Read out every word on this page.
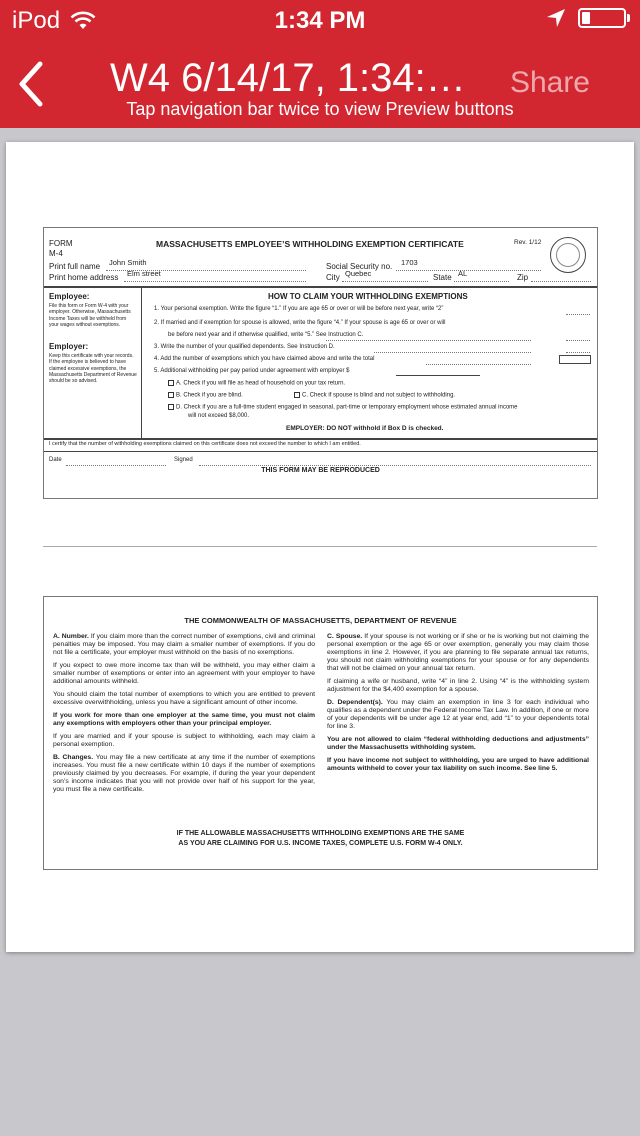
iPod	1:34 PM
W4 6/14/17, 1:34:…	Share
Tap navigation bar twice to view Preview buttons
FORM
M-4
MASSACHUSETTS EMPLOYEE’S WITHHOLDING EXEMPTION CERTIFICATE	Rev. 1/12
Print full name John Smith	Social Security no. 1703
Print home address Elm street	City Quebec	State AL	Zip
Employee:
File this form or Form W-4 with your employer. Otherwise, Massachusetts Income Taxes will be withheld from your wages without exemptions.
Employer:
Keep this certificate with your records. If the employee is believed to have claimed excessive exemptions, the Massachusetts Department of Revenue should be so advised.
HOW TO CLAIM YOUR WITHHOLDING EXEMPTIONS
1. Your personal exemption. Write the figure “1.” If you are age 65 or over or will be before next year, write “2”
2. If married and if exemption for spouse is allowed, write the figure “4.” If your spouse is age 65 or over or will
be before next year and if otherwise qualified, write “5.” See Instruction C.
3. Write the number of your qualified dependents. See Instruction D.
4. Add the number of exemptions which you have claimed above and write the total
5. Additional withholding per pay period under agreement with employer $
A. Check if you will file as head of household on your tax return.
B. Check if you are blind.	C. Check if spouse is blind and not subject to withholding.
D. Check if you are a full-time student engaged in seasonal, part-time or temporary employment whose estimated annual income
will not exceed $8,000.
EMPLOYER: DO NOT withhold if Box D is checked.
I certify that the number of withholding exemptions claimed on this certificate does not exceed the number to which I am entitled.
Date	Signed
THIS FORM MAY BE REPRODUCED
THE COMMONWEALTH OF MASSACHUSETTS, DEPARTMENT OF REVENUE

A. Number. If you claim more than the correct number of exemptions, civil and criminal penalties may be imposed. You may claim a smaller number of exemptions. If you do not file a certificate, your employer must withhold on the basis of no exemptions.

If you expect to owe more income tax than will be withheld, you may either claim a smaller number of exemptions or enter into an agreement with your employer to have additional amounts withheld.

You should claim the total number of exemptions to which you are entitled to prevent excessive overwithholding, unless you have a significant amount of other income.

If you work for more than one employer at the same time, you must not claim any exemptions with employers other than your principal employer.

If you are married and if your spouse is subject to withholding, each may claim a personal exemption.

B. Changes. You may file a new certificate at any time if the number of exemptions increases. You must file a new certificate within 10 days if the number of exemptions previously claimed by you decreases. For example, if during the year your dependent son’s income indicates that you will not provide over half of his support for the year, you must file a new certificate.

C. Spouse. If your spouse is not working or if she or he is working but not claiming the personal exemption or the age 65 or over exemption, generally you may claim those exemptions in line 2. However, if you are planning to file separate annual tax returns, you should not claim withholding exemptions for your spouse or for any dependents that will not be claimed on your annual tax return.

If claiming a wife or husband, write “4” in line 2. Using “4” is the withholding system adjustment for the $4,400 exemption for a spouse.

D. Dependent(s). You may claim an exemption in line 3 for each individual who qualifies as a dependent under the Federal Income Tax Law. In addition, if one or more of your dependents will be under age 12 at year end, add “1” to your dependents total for line 3.

You are not allowed to claim “federal withholding deductions and adjustments” under the Massachusetts withholding system.

If you have income not subject to withholding, you are urged to have additional amounts withheld to cover your tax liability on such income. See line 5.

IF THE ALLOWABLE MASSACHUSETTS WITHHOLDING EXEMPTIONS ARE THE SAME
AS YOU ARE CLAIMING FOR U.S. INCOME TAXES, COMPLETE U.S. FORM W-4 ONLY.
